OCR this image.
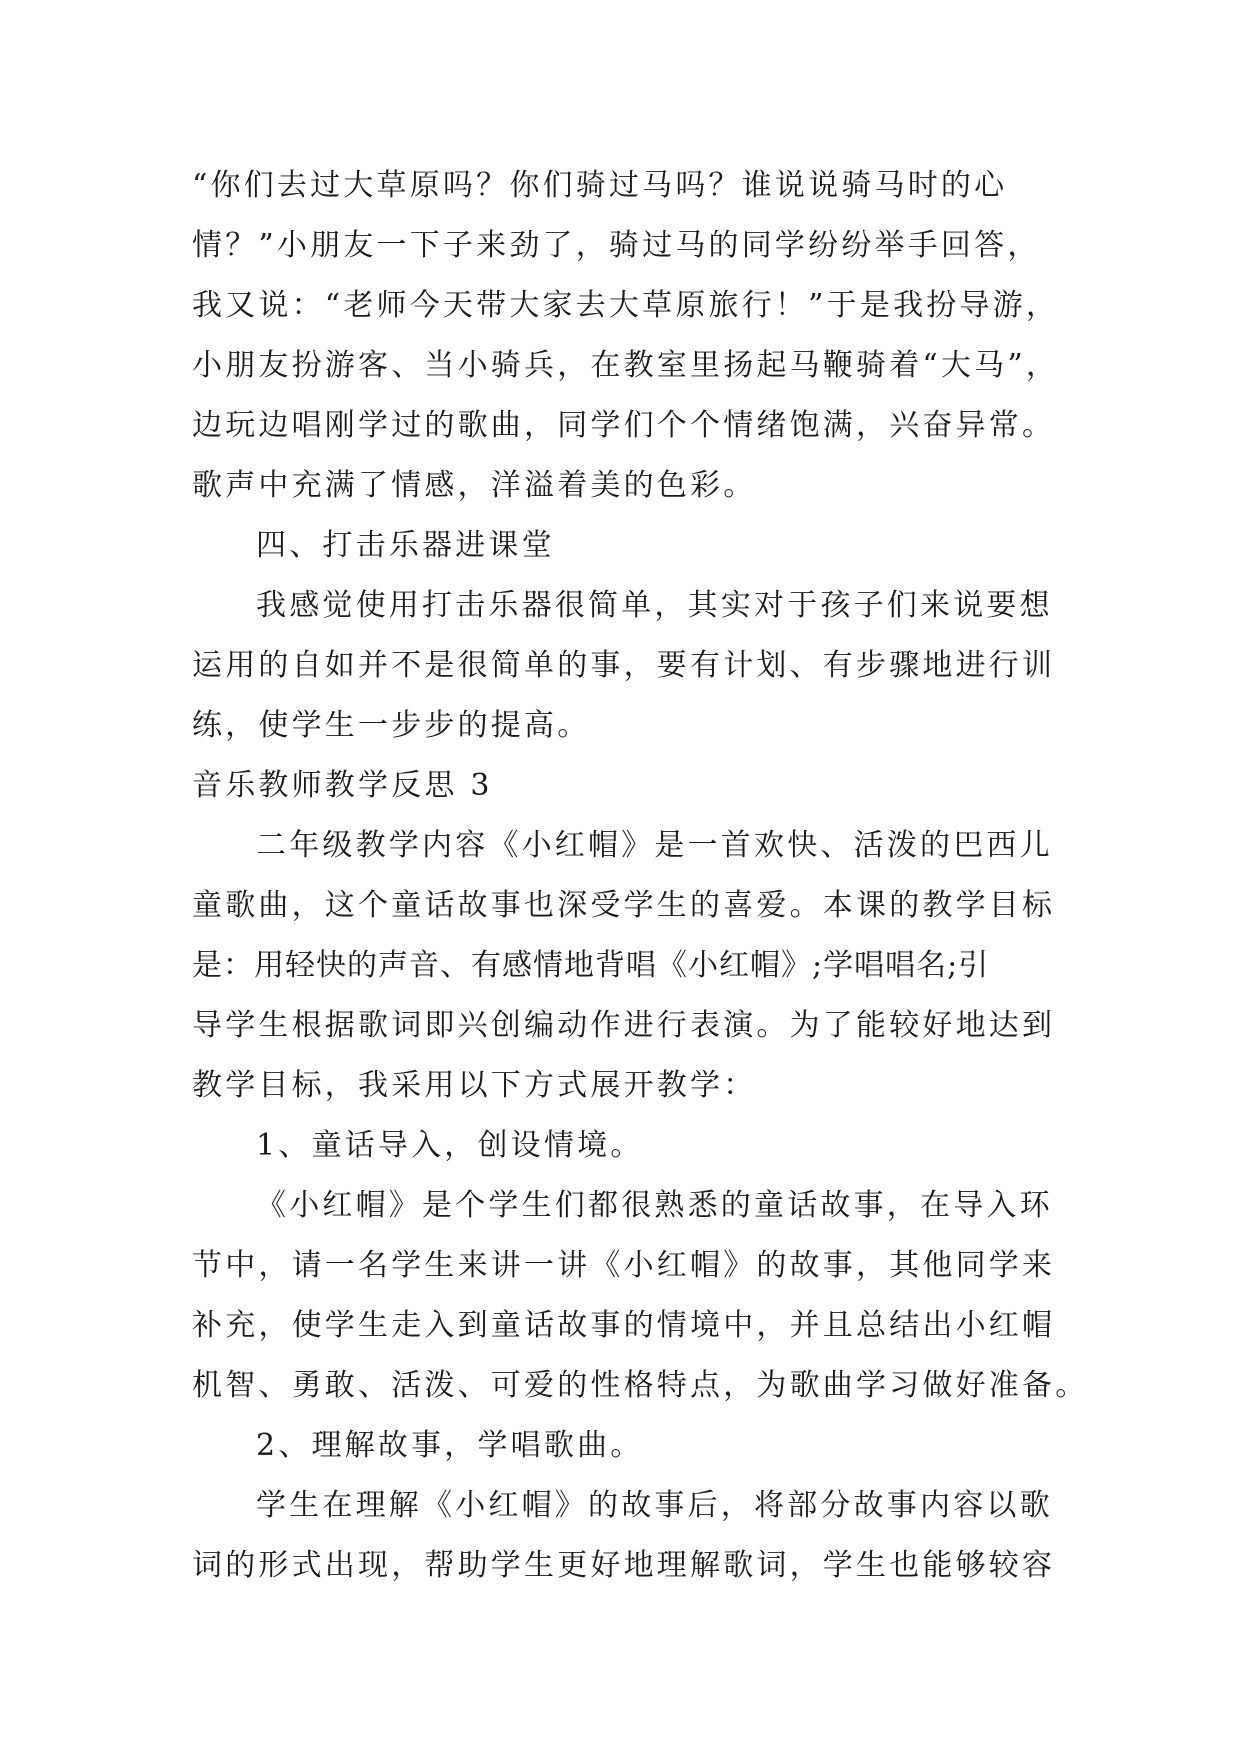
“你们去过大草原吗？你们骑过马吗？谁说说骑马时的心
情？”小朋友一下子来劲了，骑过马的同学纷纷举手回答，
我又说：“老师今天带大家去大草原旅行！”于是我扮导游，
小朋友扮游客、当小骑兵，在教室里扬起马鞭骑着“大马”，
边玩边唱刚学过的歌曲，同学们个个情绪饱满，兴奋异常。
歌声中充满了情感，洋溢着美的色彩。
四、打击乐器进课堂
我感觉使用打击乐器很简单，其实对于孩子们来说要想
运用的自如并不是很简单的事，要有计划、有步骤地进行训
练，使学生一步步的提高。
音乐教师教学反思 3
二年级教学内容《小红帽》是一首欢快、活泼的巴西儿
童歌曲，这个童话故事也深受学生的喜爱。本课的教学目标
是：用轻快的声音、有感情地背唱《小红帽》;学唱唱名;引
导学生根据歌词即兴创编动作进行表演。为了能较好地达到
教学目标，我采用以下方式展开教学：
1、童话导入，创设情境。
《小红帽》是个学生们都很熟悉的童话故事，在导入环
节中，请一名学生来讲一讲《小红帽》的故事，其他同学来
补充，使学生走入到童话故事的情境中，并且总结出小红帽
机智、勇敢、活泼、可爱的性格特点，为歌曲学习做好准备。
2、理解故事，学唱歌曲。
学生在理解《小红帽》的故事后，将部分故事内容以歌
词的形式出现，帮助学生更好地理解歌词，学生也能够较容
